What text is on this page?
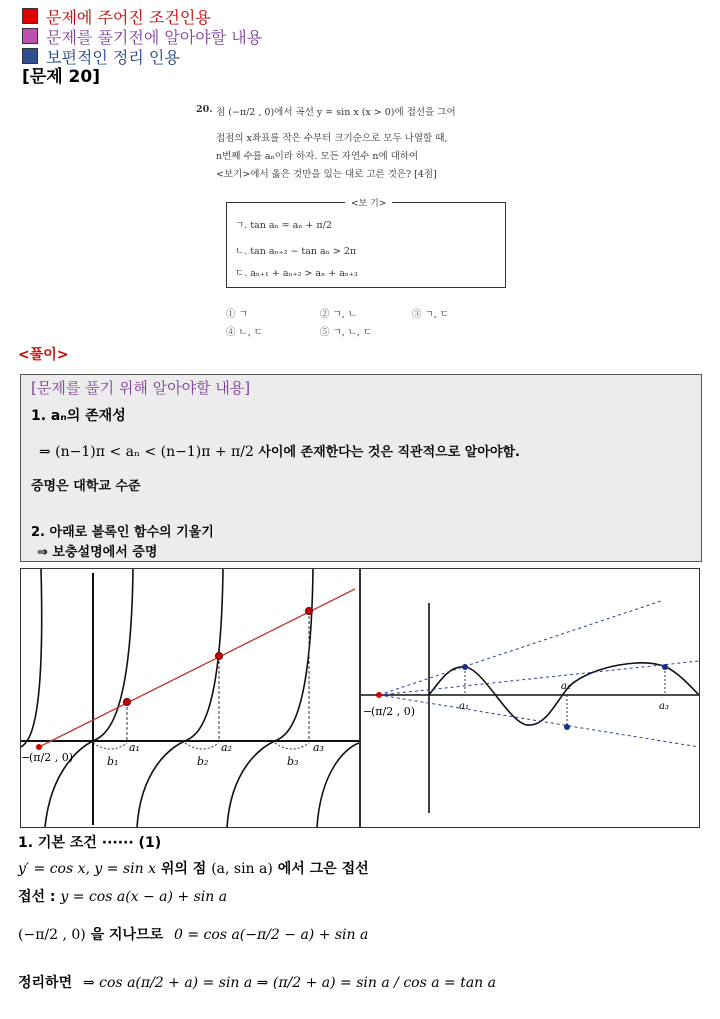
문제에 주어진 조건인용
문제를 풀기전에 알아야할 내용
보편적인 정리 인용
[문제 20]
20. 점 (−π/2 , 0)에서 곡선 y = sin x (x > 0)에 접선을 그어
접점의 x좌표를 작은 수부터 크기순으로 모두 나열할 때,
n번째 수를 aₙ이라 하자. 모든 자연수 n에 대하여
<보기>에서 옳은 것만을 있는 대로 고른 것은? [4점]
<보 기>
ㄱ. tan aₙ = aₙ + π/2
ㄴ. tan aₙ₊₂ − tan aₙ > 2π
ㄷ. aₙ₊₁ + aₙ₊₂ > aₙ + aₙ₊₃
① ㄱ	② ㄱ, ㄴ	③ ㄱ, ㄷ
④ ㄴ, ㄷ	⑤ ㄱ, ㄴ, ㄷ
<풀이>
[문제를 풀기 위해 알아야할 내용]
1. aₙ의 존재성
⇒ (n−1)π < aₙ < (n−1)π + π/2 사이에 존재한다는 것은 직관적으로 알아야함.
증명은 대학교 수준
2. 아래로 볼록인 함수의 기울기
⇒ 보충설명에서 증명
−
(π/2 , 0)
a₁	a₂	a₃
b₁	b₂	b₃
−
(π/2 , 0)	a₁
a₂
a₃
1. 기본 조건 ······ (1)
y′ = cos x, y = sin x 위의 점 (a, sin a) 에서 그은 접선
접선 : y = cos a(x − a) + sin a
(−π/2 , 0) 을 지나므로 0 = cos a(−π/2 − a) + sin a
정리하면 ⇒ cos a(π/2 + a) = sin a ⇒ (π/2 + a) = sin a / cos a = tan a
